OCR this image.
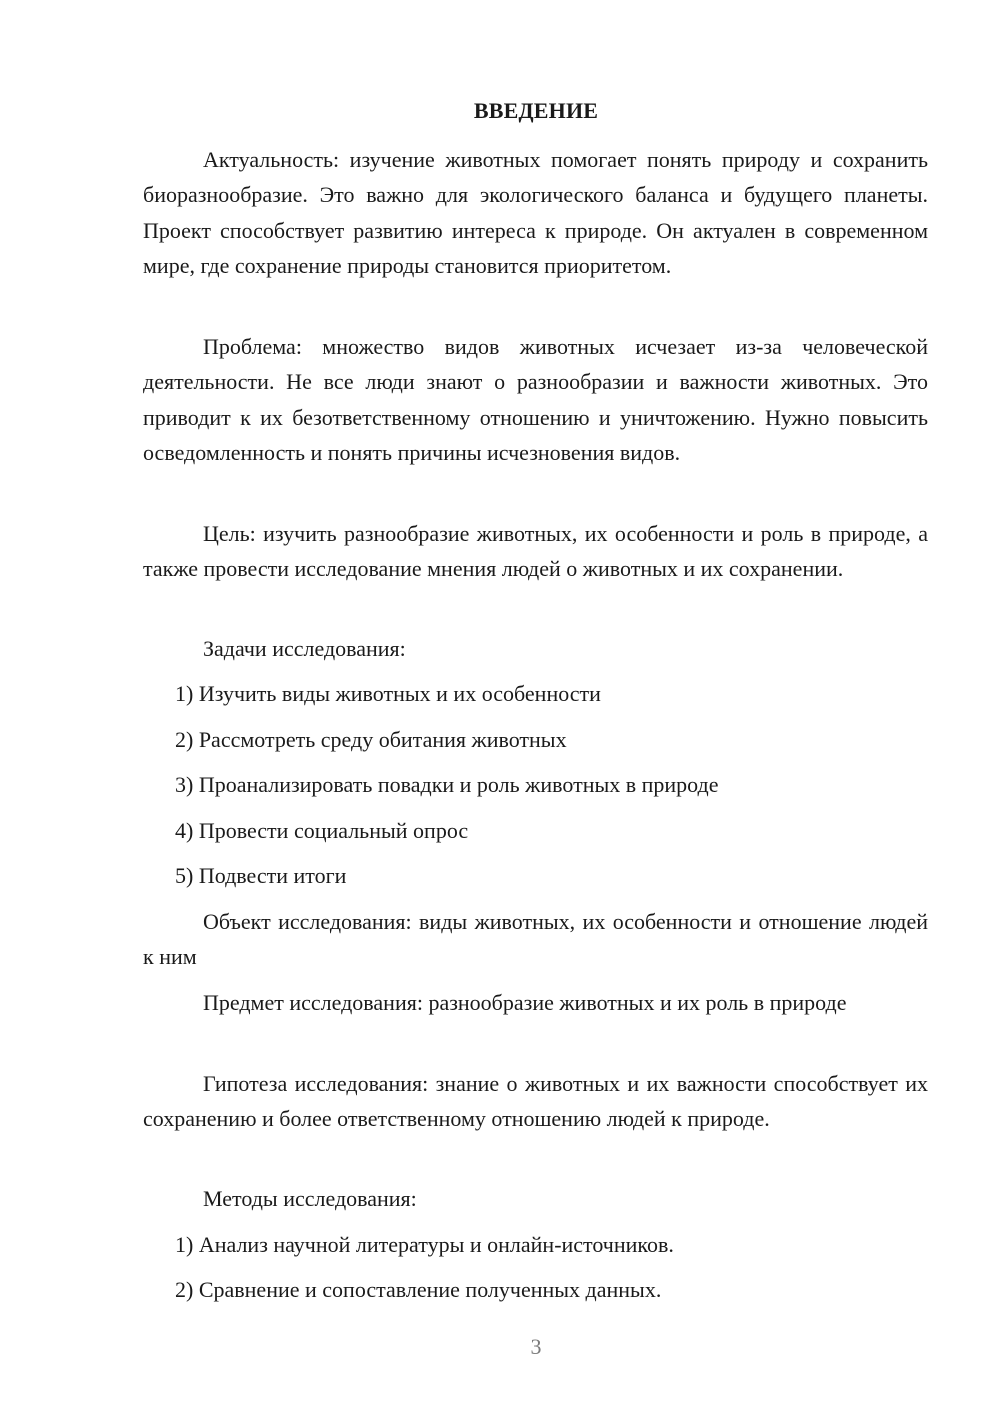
ВВЕДЕНИЕ

Актуальность: изучение животных помогает понять природу и сохранить биоразнообразие. Это важно для экологического баланса и будущего планеты. Проект способствует развитию интереса к природе. Он актуален в современном мире, где сохранение природы становится приоритетом.

Проблема: множество видов животных исчезает из-за человеческой деятельности. Не все люди знают о разнообразии и важности животных. Это приводит к их безответственному отношению и уничтожению. Нужно повысить осведомленность и понять причины исчезновения видов.

Цель: изучить разнообразие животных, их особенности и роль в природе, а также провести исследование мнения людей о животных и их сохранении.

Задачи исследования:

1) Изучить виды животных и их особенности

2) Рассмотреть среду обитания животных

3) Проанализировать повадки и роль животных в природе

4) Провести социальный опрос

5) Подвести итоги

Объект исследования: виды животных, их особенности и отношение людей к ним

Предмет исследования: разнообразие животных и их роль в природе

Гипотеза исследования: знание о животных и их важности способствует их сохранению и более ответственному отношению людей к природе.

Методы исследования:

1) Анализ научной литературы и онлайн-источников.

2) Сравнение и сопоставление полученных данных.

3
